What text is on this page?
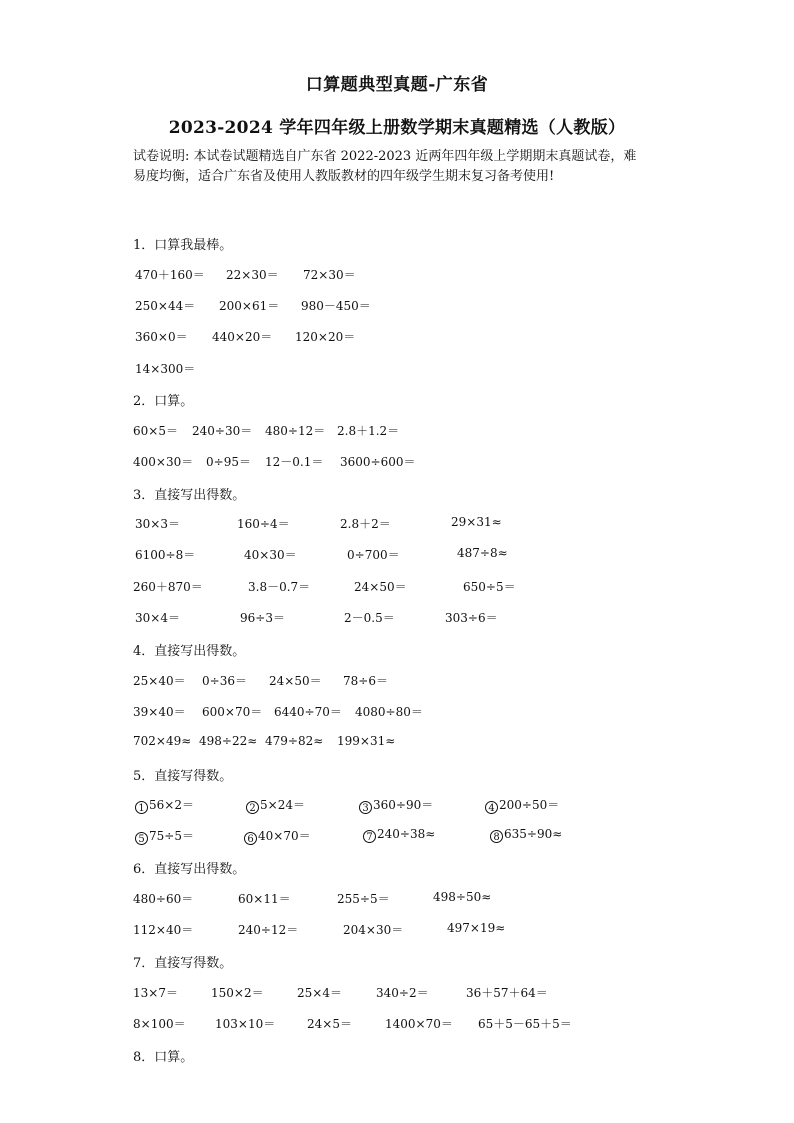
口算题典型真题-广东省
2023-2024 学年四年级上册数学期末真题精选（人教版）
试卷说明: 本试卷试题精选自广东省 2022-2023 近两年四年级上学期期末真题试卷，难
易度均衡，适合广东省及使用人教版教材的四年级学生期末复习备考使用!
1．口算我最棒。
470＋160＝ 22×30＝ 72×30＝
250×44＝ 200×61＝ 980－450＝
360×0＝ 440×20＝ 120×20＝
14×300＝
2．口算。
60×5＝ 240÷30＝ 480÷12＝ 2.8＋1.2＝
400×30＝ 0÷95＝ 12－0.1＝ 3600÷600＝
3．直接写出得数。
30×3＝	160÷4＝	2.8＋2＝	29×31≈
6100÷8＝	40×30＝	0÷700＝	487÷8≈
260＋870＝	3.8－0.7＝	24×50＝	650÷5＝
30×4＝	96÷3＝	2－0.5＝	303÷6＝
4．直接写出得数。
25×40＝ 0÷36＝ 24×50＝ 78÷6＝
39×40＝ 600×70＝ 6440÷70＝ 4080÷80＝
702×49≈ 498÷22≈ 479÷82≈ 199×31≈
5．直接写得数。
1 56×2＝	2 5×24＝	3 360÷90＝	4 200÷50＝
5 75÷5＝	6 40×70＝	7 240÷38≈	8 635÷90≈
6．直接写出得数。
480÷60＝	60×11＝	255÷5＝	498÷50≈
112×40＝	240÷12＝	204×30＝	497×19≈
7．直接写得数。
13×7＝	150×2＝	25×4＝	340÷2＝	36＋57＋64＝
8×100＝ 103×10＝	24×5＝	1400×70＝ 65＋5－65＋5＝
8．口算。
